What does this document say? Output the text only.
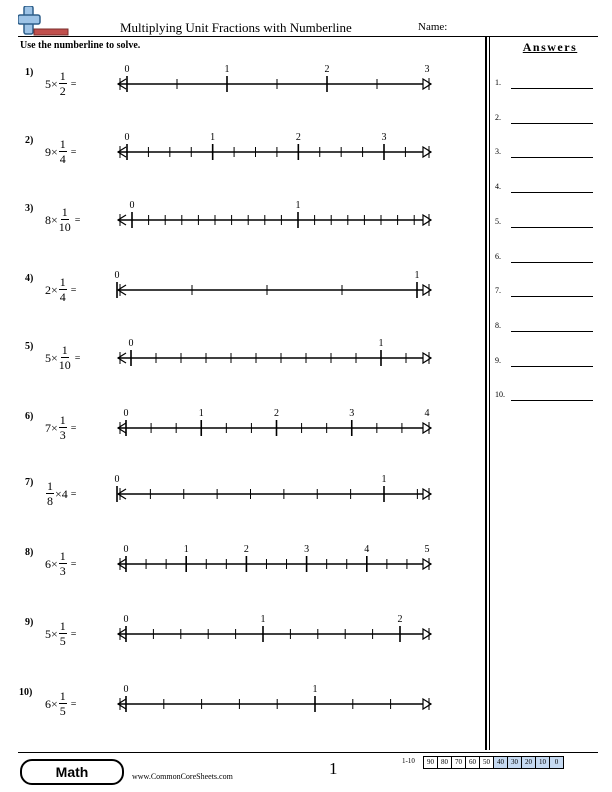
Multiplying Unit Fractions with Numberline	Name:
Use the numberline to solve.	Answers
1.
2.
3.
4.
5.
6.
7.
8.
9.
10.
1)
$5 \times \frac{1}{2}$ =
2)
$9 \times \frac{1}{4}$ =
3)
$8 \times \frac{1}{10}$ =
4)
$2 \times \frac{1}{4}$ =
5)
$5 \times \frac{1}{10}$ =
6)
$7 \times \frac{1}{3}$ =
$7) \frac{1}{8} \times 4$ =
8)
$6 \times \frac{1}{3}$ =
9)
$5 \times \frac{1}{5}$ =
10)
$6 \times \frac{1}{5}$ =
0	1	2	3
0	1	2	3
0	1
0	1
0	1
0	1	2	3	4
0	1
0	1	2	3	4	5
0	1	2
0	1
Math	www.CommonCoreSheets.com	1	1-10	90	80	70	60	50	40	30	20	10	0
